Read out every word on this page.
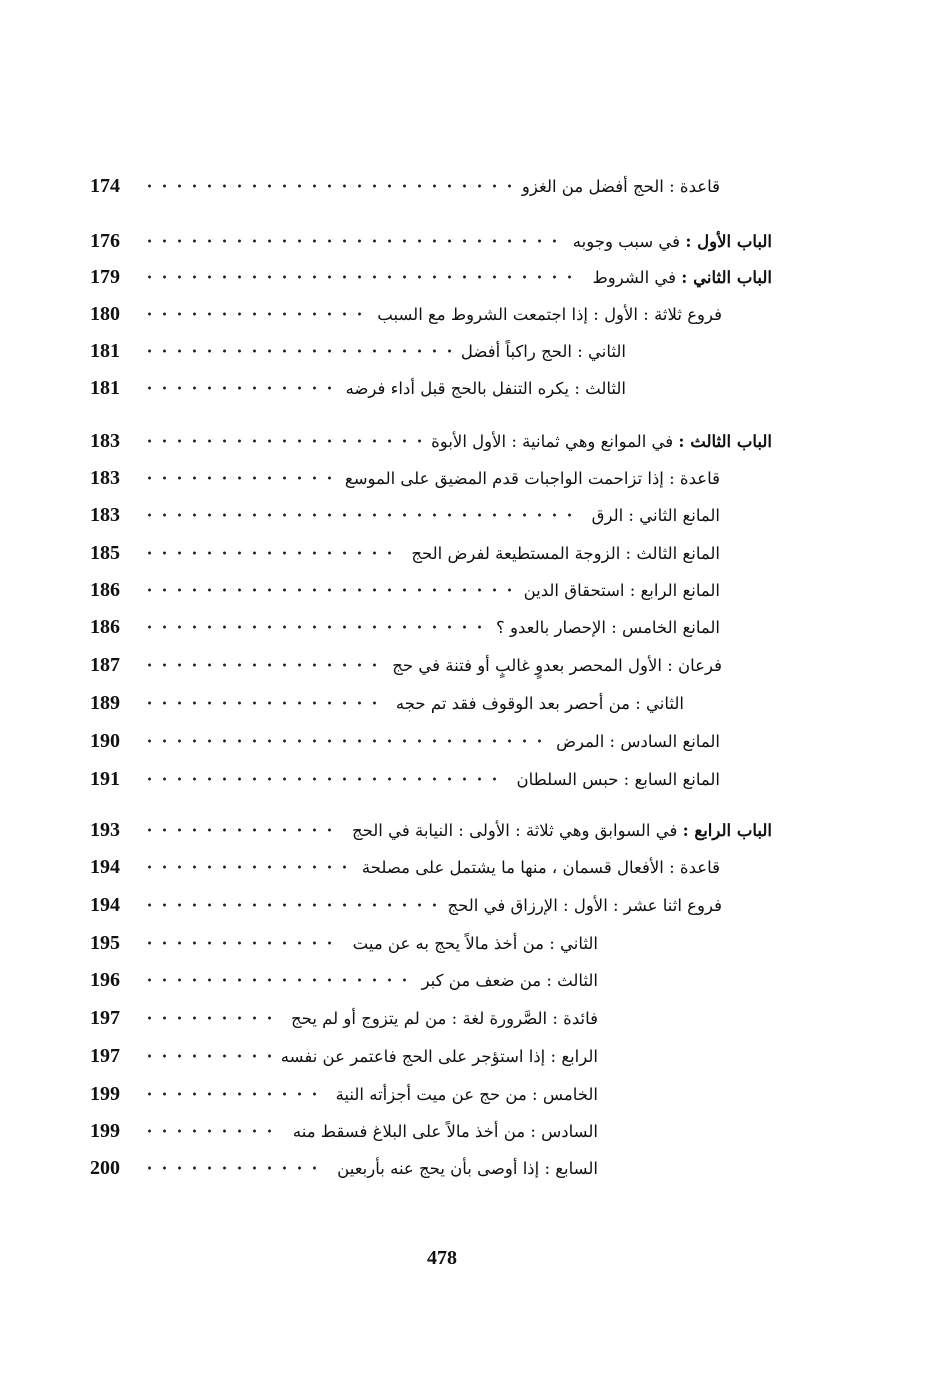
174	قاعدة : الحج أفضل من الغزو
176	الباب الأول : في سبب وجوبه
179	الباب الثاني : في الشروط
180	فروع ثلاثة : الأول : إذا اجتمعت الشروط مع السبب
181	الثاني : الحج راكباً أفضل
181	الثالث : يكره التنفل بالحج قبل أداء فرضه
183	الباب الثالث : في الموانع وهي ثمانية : الأول الأبوة
183	قاعدة : إذا تزاحمت الواجبات قدم المضيق على الموسع
183	المانع الثاني : الرق
185	المانع الثالث : الزوجة المستطيعة لفرض الحج
186	المانع الرابع : استحقاق الدين
186	المانع الخامس : الإحصار بالعدو ؟
187	فرعان : الأول المحصر بعدوٍ غالبٍ أو فتنة في حج
189	الثاني : من أحصر بعد الوقوف فقد تم حجه
190	المانع السادس : المرض
191	المانع السابع : حبس السلطان
193	الباب الرابع : في السوابق وهي ثلاثة : الأولى : النيابة في الحج
194	قاعدة : الأفعال قسمان ، منها ما يشتمل على مصلحة
194	فروع اثنا عشر : الأول : الإرزاق في الحج
195	الثاني : من أخذ مالاً يحج به عن ميت
196	الثالث : من ضعف من كبر
197	فائدة : الصَّرورة لغة : من لم يتزوج أو لم يحج
197	الرابع : إذا استؤجر على الحج فاعتمر عن نفسه
199	الخامس : من حج عن ميت أجزأته النية
199	السادس : من أخذ مالاً على البلاغ فسقط منه
200	السابع : إذا أوصى بأن يحج عنه بأربعين
478
